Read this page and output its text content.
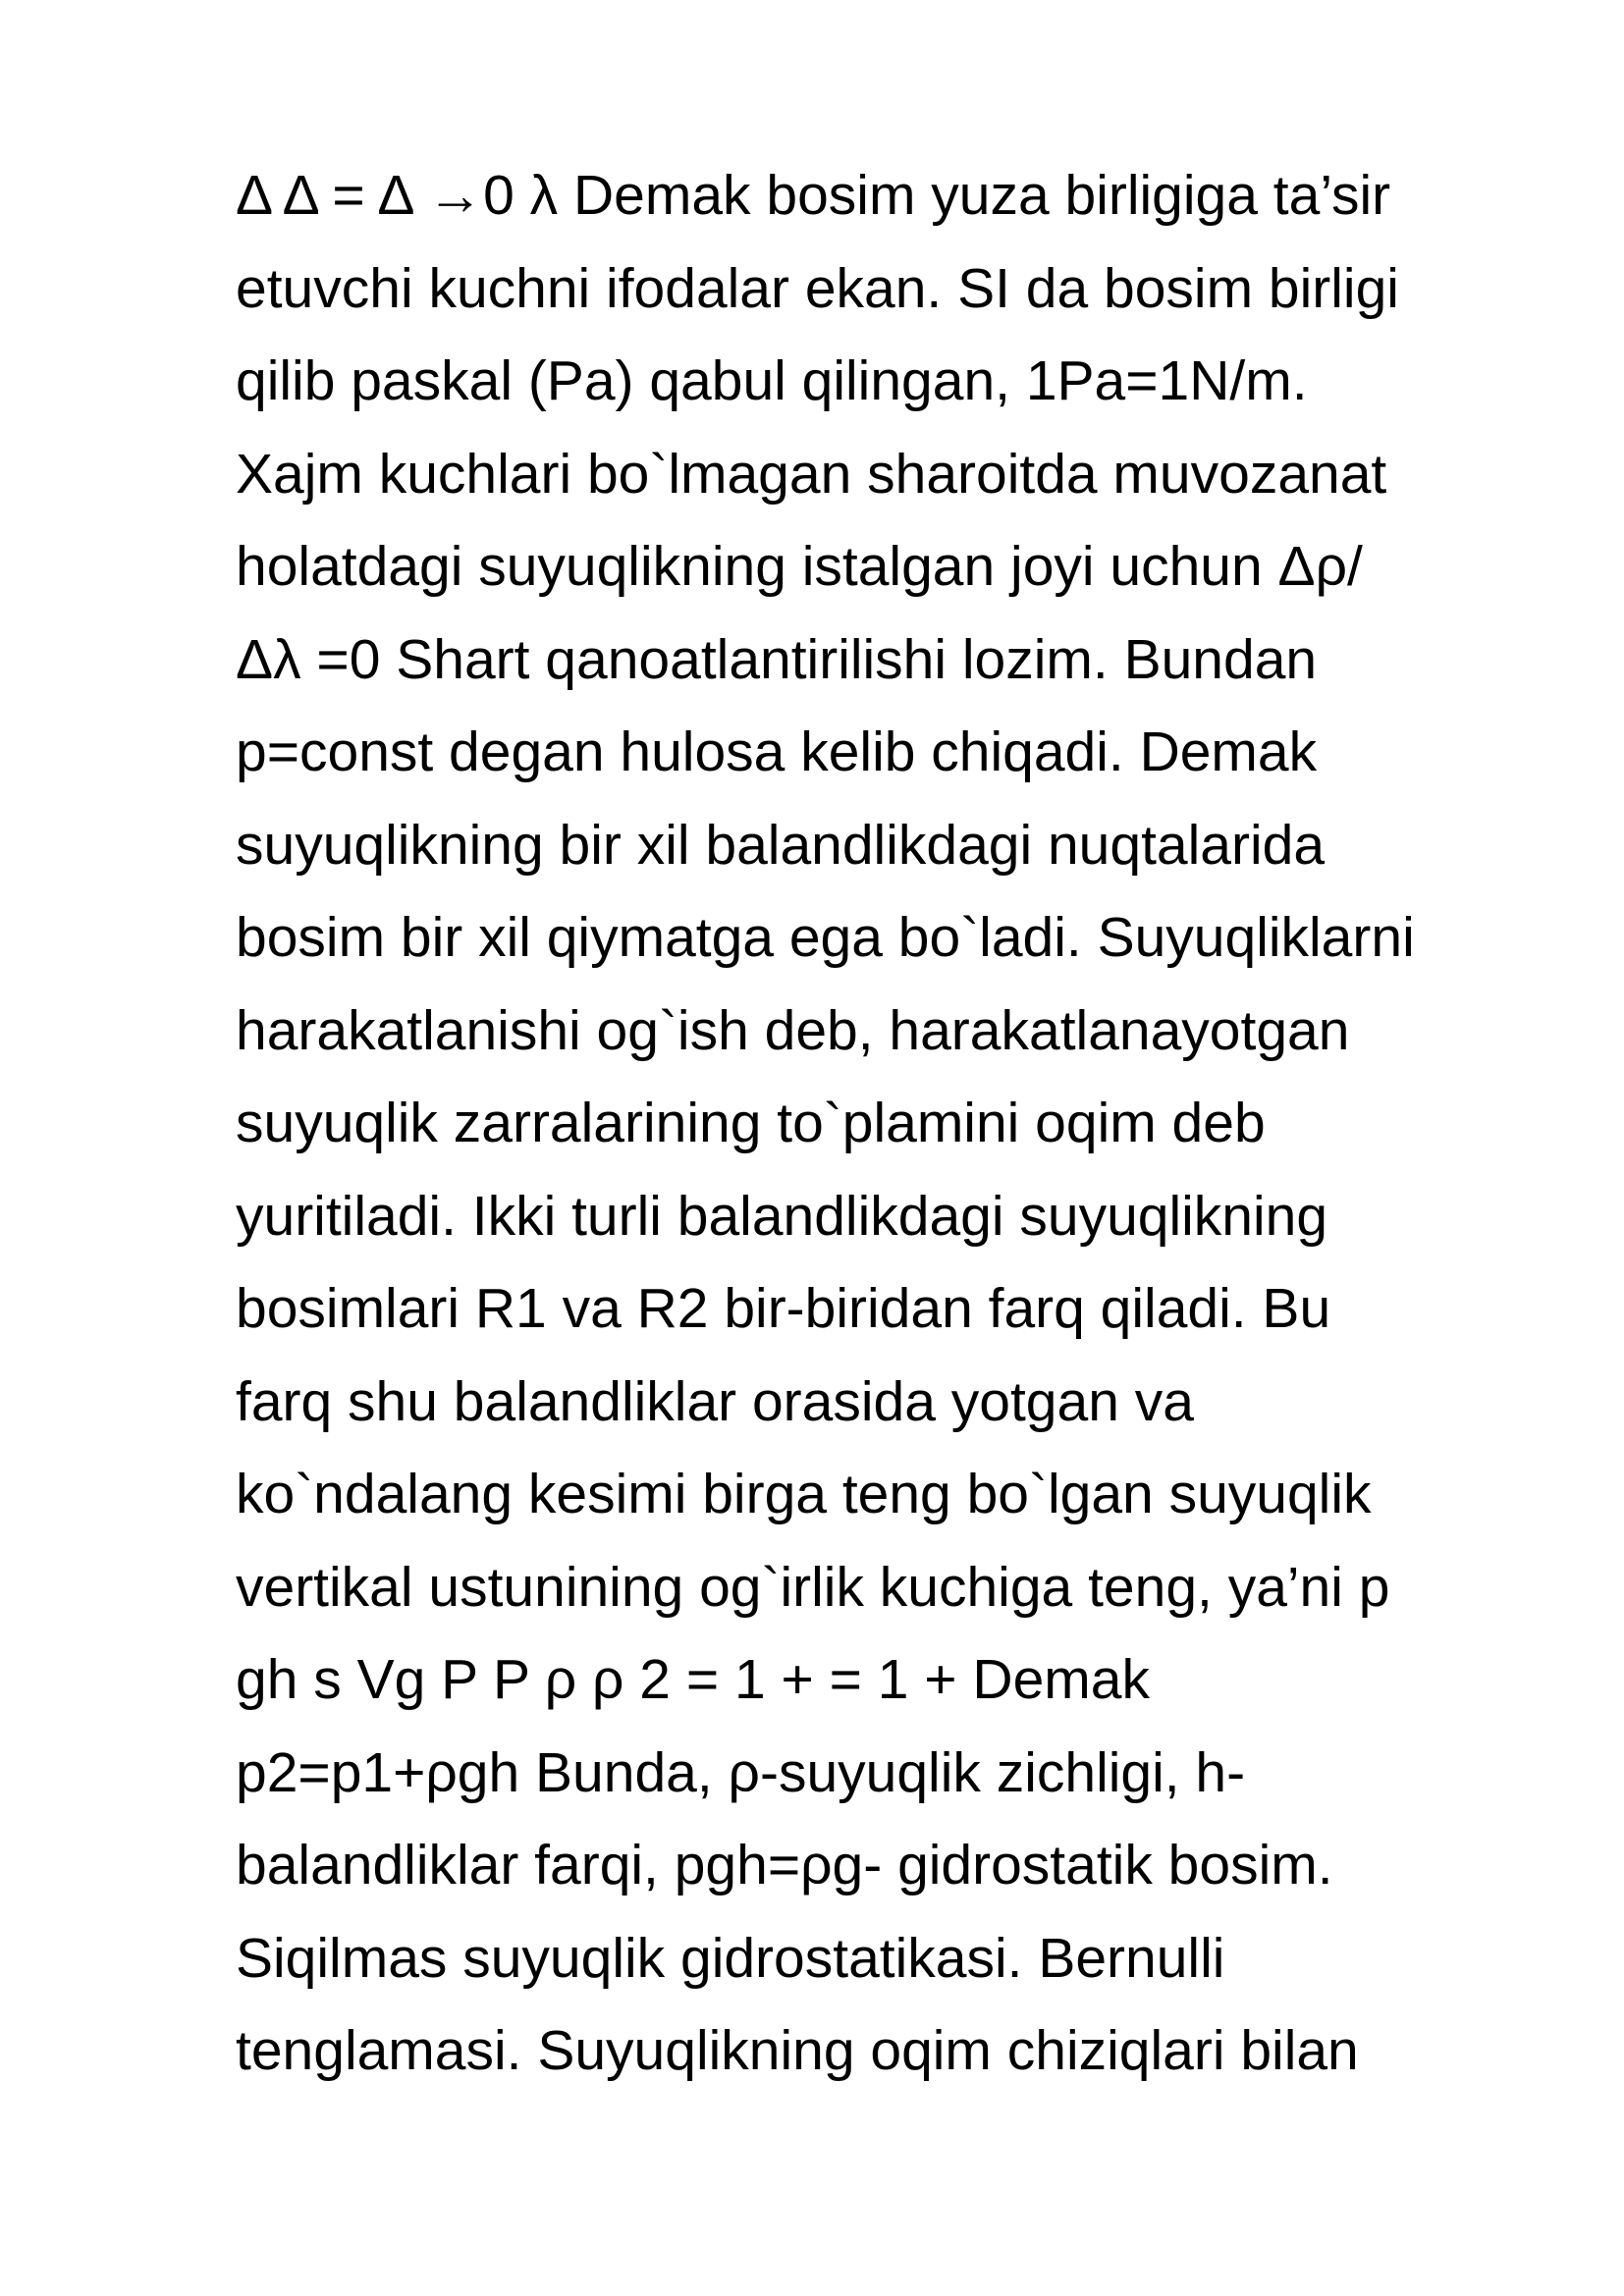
Δ Δ = Δ →0 λ Demak bosim yuza birligiga ta’sir
etuvchi kuchni ifodalar ekan. SI da bosim birligi
qilib paskal (Pa) qabul qilingan, 1Pa=1N/m.
Xajm kuchlari bo`lmagan sharoitda muvozanat
holatdagi suyuqlikning istalgan joyi uchun Δρ/
Δλ =0 Shart qanoatlantirilishi lozim. Bundan
p=const degan hulosa kelib chiqadi. Demak
suyuqlikning bir xil balandlikdagi nuqtalarida
bosim bir xil qiymatga ega bo`ladi. Suyuqliklarni
harakatlanishi og`ish deb, harakatlanayotgan
suyuqlik zarralarining to`plamini oqim deb
yuritiladi. Ikki turli balandlikdagi suyuqlikning
bosimlari R1 va R2 bir-biridan farq qiladi. Bu
farq shu balandliklar orasida yotgan va
ko`ndalang kesimi birga teng bo`lgan suyuqlik
vertikal ustunining og`irlik kuchiga teng, ya’ni p
gh s Vg P P ρ ρ 2 = 1 + = 1 + Demak
p2=p1+ρgh Bunda, ρ-suyuqlik zichligi, h-
balandliklar farqi, pgh=ρg- gidrostatik bosim.
Siqilmas suyuqlik gidrostatikasi. Bernulli
tenglamasi. Suyuqlikning oqim chiziqlari bilan
